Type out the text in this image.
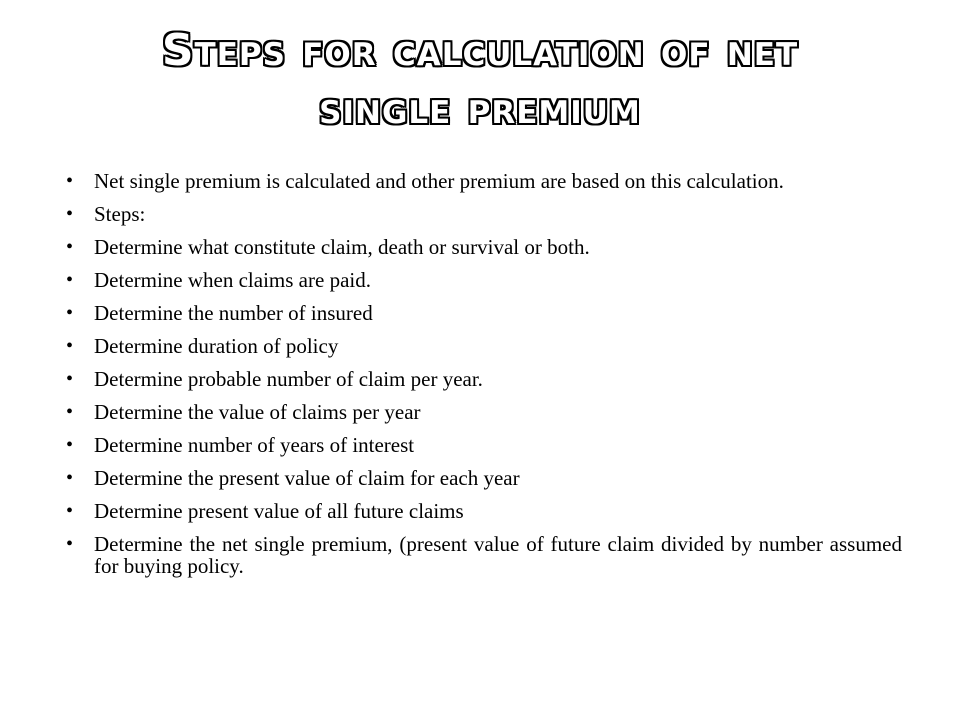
Steps for calculation of net
single premium
• Net single premium is calculated and other premium are based on this calculation.
• Steps:
• Determine what constitute claim, death or survival or both.
• Determine when claims are paid.
• Determine the number of insured
• Determine duration of policy
• Determine probable number of claim per year.
• Determine the value of claims per year
• Determine number of years of interest
• Determine the present value of claim for each year
• Determine present value of all future claims
• Determine the net single premium, (present value of future claim divided by number assumed for buying policy.
